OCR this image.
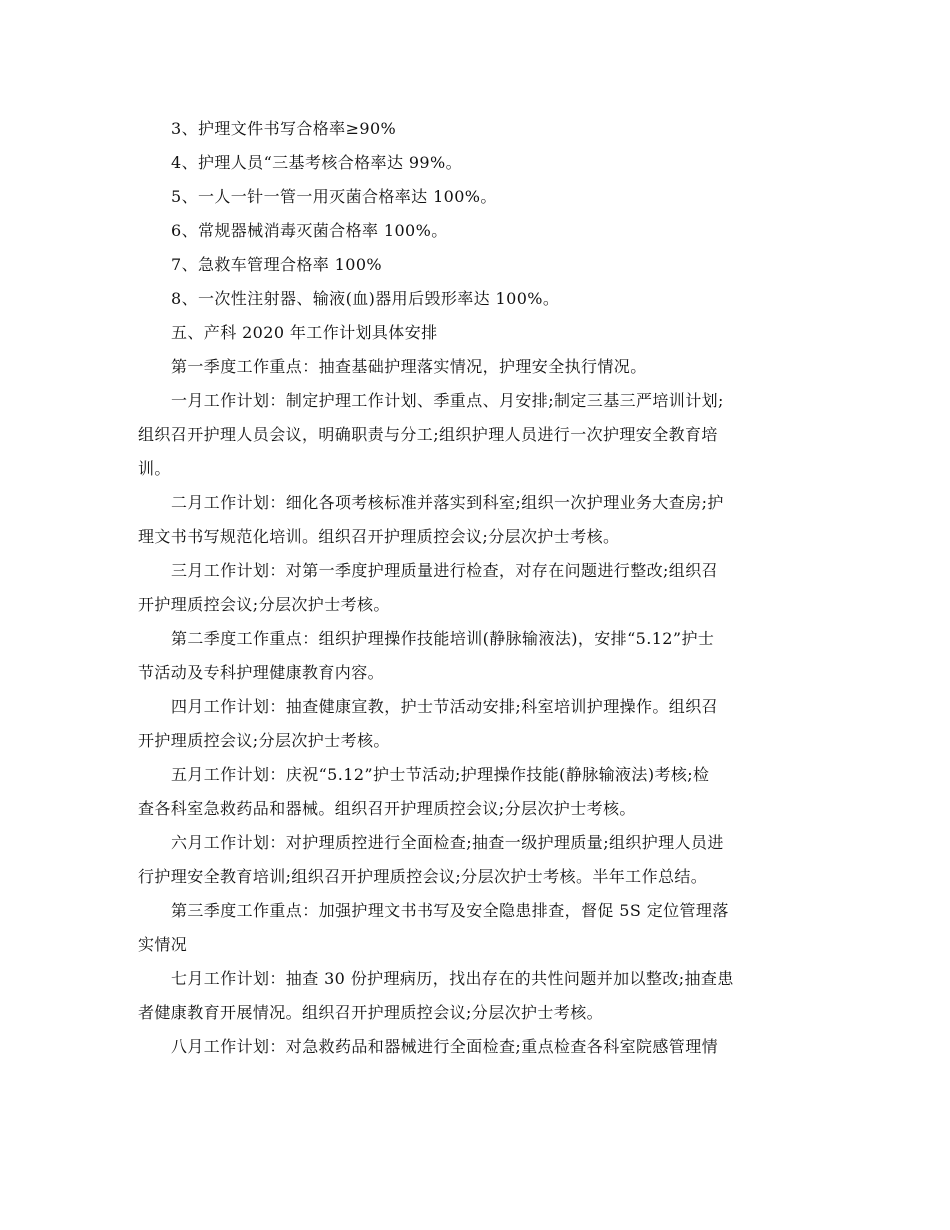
3、护理文件书写合格率≥90%
4、护理人员“三基考核合格率达 99%。
5、一人一针一管一用灭菌合格率达 100%。
6、常规器械消毒灭菌合格率 100%。
7、急救车管理合格率 100%
8、一次性注射器、输液(血)器用后毁形率达 100%。
五、产科 2020 年工作计划具体安排
第一季度工作重点：抽查基础护理落实情况，护理安全执行情况。
一月工作计划：制定护理工作计划、季重点、月安排;制定三基三严培训计划;
组织召开护理人员会议，明确职责与分工;组织护理人员进行一次护理安全教育培
训。
二月工作计划：细化各项考核标准并落实到科室;组织一次护理业务大查房;护
理文书书写规范化培训。组织召开护理质控会议;分层次护士考核。
三月工作计划：对第一季度护理质量进行检查，对存在问题进行整改;组织召
开护理质控会议;分层次护士考核。
第二季度工作重点：组织护理操作技能培训(静脉输液法)，安排“5.12”护士
节活动及专科护理健康教育内容。
四月工作计划：抽查健康宣教，护士节活动安排;科室培训护理操作。组织召
开护理质控会议;分层次护士考核。
五月工作计划：庆祝“5.12”护士节活动;护理操作技能(静脉输液法)考核;检
查各科室急救药品和器械。组织召开护理质控会议;分层次护士考核。
六月工作计划：对护理质控进行全面检查;抽查一级护理质量;组织护理人员进
行护理安全教育培训;组织召开护理质控会议;分层次护士考核。半年工作总结。
第三季度工作重点：加强护理文书书写及安全隐患排查，督促 5S 定位管理落
实情况
七月工作计划：抽查 30 份护理病历，找出存在的共性问题并加以整改;抽查患
者健康教育开展情况。组织召开护理质控会议;分层次护士考核。
八月工作计划：对急救药品和器械进行全面检查;重点检查各科室院感管理情
